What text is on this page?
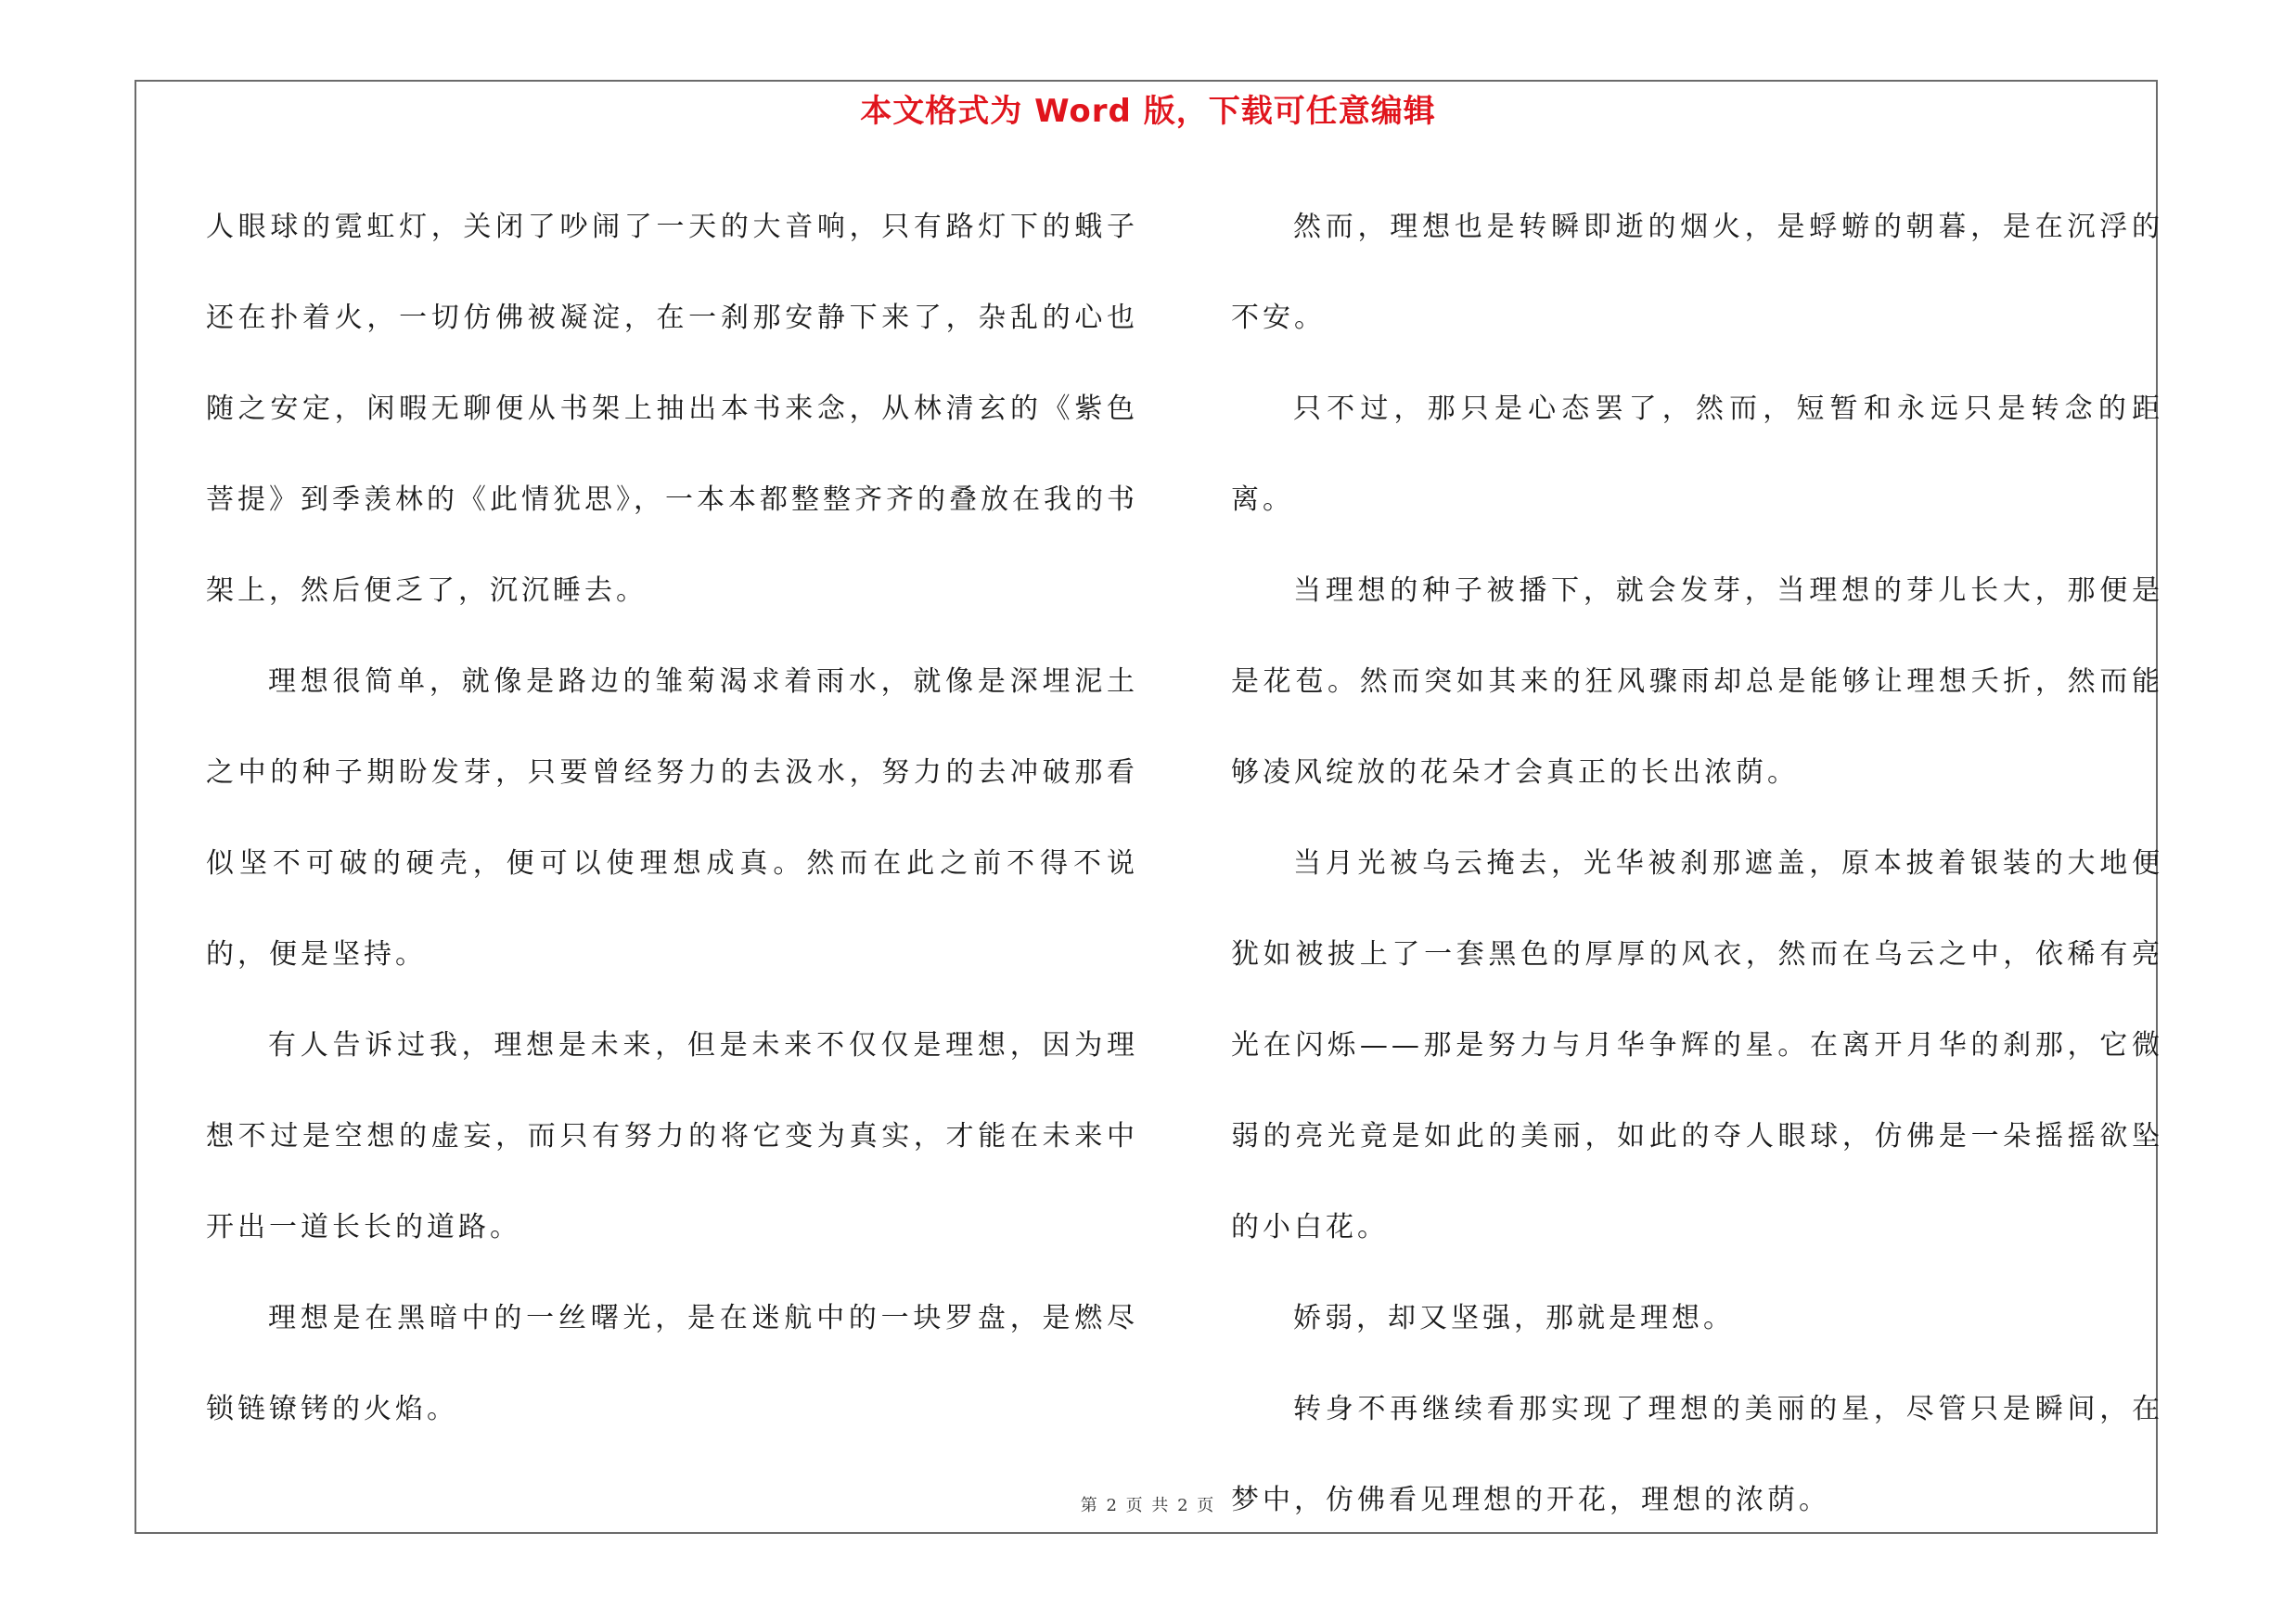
本文格式为 Word 版，下载可任意编辑

人眼球的霓虹灯，关闭了吵闹了一天的大音响，只有路灯下的蛾子还在扑着火，一切仿佛被凝淀，在一刹那安静下来了，杂乱的心也随之安定，闲暇无聊便从书架上抽出本书来念，从林清玄的《紫色菩提》到季羡林的《此情犹思》，一本本都整整齐齐的叠放在我的书架上，然后便乏了，沉沉睡去。

理想很简单，就像是路边的雏菊渴求着雨水，就像是深埋泥土之中的种子期盼发芽，只要曾经努力的去汲水，努力的去冲破那看似坚不可破的硬壳，便可以使理想成真。然而在此之前不得不说的，便是坚持。

有人告诉过我，理想是未来，但是未来不仅仅是理想，因为理想不过是空想的虚妄，而只有努力的将它变为真实，才能在未来中开出一道长长的道路。

理想是在黑暗中的一丝曙光，是在迷航中的一块罗盘，是燃尽锁链镣铐的火焰。

然而，理想也是转瞬即逝的烟火，是蜉蝣的朝暮，是在沉浮的不安。

只不过，那只是心态罢了，然而，短暂和永远只是转念的距离。

当理想的种子被播下，就会发芽，当理想的芽儿长大，那便是是花苞。然而突如其来的狂风骤雨却总是能够让理想夭折，然而能够凌风绽放的花朵才会真正的长出浓荫。

当月光被乌云掩去，光华被刹那遮盖，原本披着银装的大地便犹如被披上了一套黑色的厚厚的风衣，然而在乌云之中，依稀有亮光在闪烁——那是努力与月华争辉的星。在离开月华的刹那，它微弱的亮光竟是如此的美丽，如此的夺人眼球，仿佛是一朵摇摇欲坠的小白花。

娇弱，却又坚强，那就是理想。

转身不再继续看那实现了理想的美丽的星，尽管只是瞬间，在梦中，仿佛看见理想的开花，理想的浓荫。

第 2 页 共 2 页
